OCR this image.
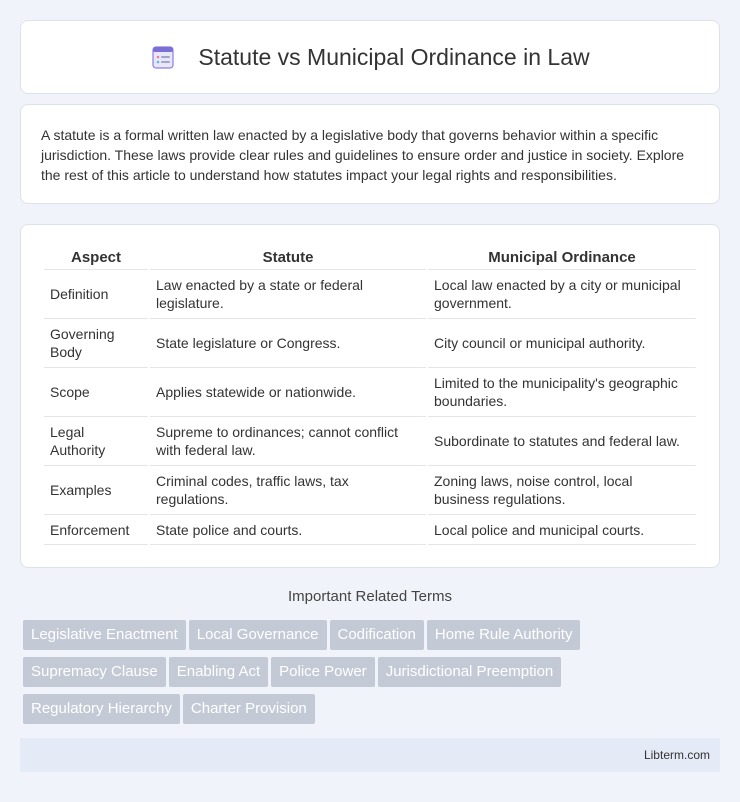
Statute vs Municipal Ordinance in Law

A statute is a formal written law enacted by a legislative body that governs behavior within a specific jurisdiction. These laws provide clear rules and guidelines to ensure order and justice in society. Explore the rest of this article to understand how statutes impact your legal rights and responsibilities.

Aspect	Statute	Municipal Ordinance
Definition	Law enacted by a state or federal legislature.	Local law enacted by a city or municipal government.
Governing Body	State legislature or Congress.	City council or municipal authority.
Scope	Applies statewide or nationwide.	Limited to the municipality's geographic boundaries.
Legal Authority	Supreme to ordinances; cannot conflict with federal law.	Subordinate to statutes and federal law.
Examples	Criminal codes, traffic laws, tax regulations.	Zoning laws, noise control, local business regulations.
Enforcement	State police and courts.	Local police and municipal courts.
Important Related Terms
Legislative Enactment Local Governance Codification Home Rule Authority
Supremacy Clause Enabling Act Police Power Jurisdictional Preemption
Regulatory Hierarchy Charter Provision
Libterm.com
